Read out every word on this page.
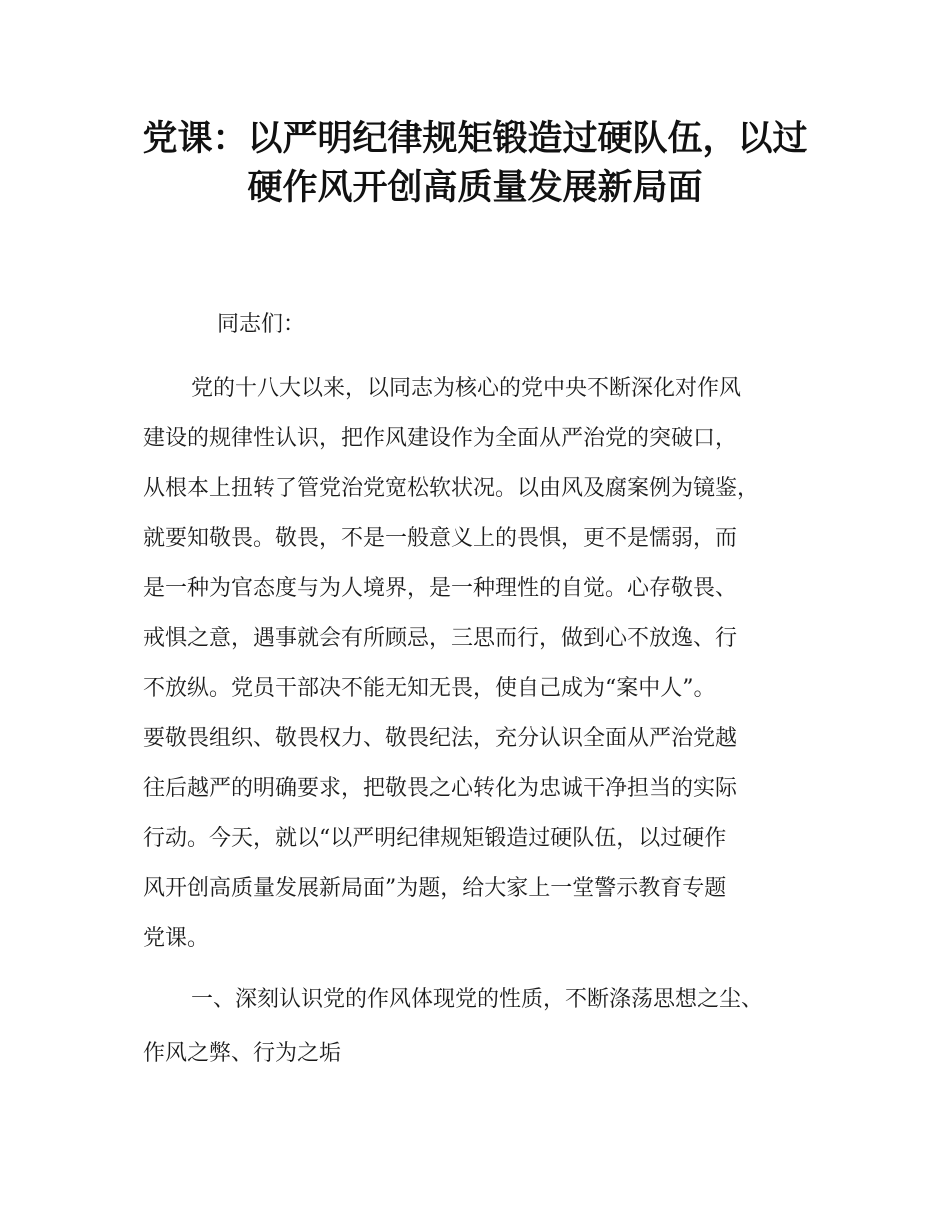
党课：以严明纪律规矩锻造过硬队伍，以过
硬作风开创高质量发展新局面
同志们：
党的十八大以来，以同志为核心的党中央不断深化对作风
建设的规律性认识，把作风建设作为全面从严治党的突破口，
从根本上扭转了管党治党宽松软状况。以由风及腐案例为镜鉴，
就要知敬畏。敬畏，不是一般意义上的畏惧，更不是懦弱，而
是一种为官态度与为人境界，是一种理性的自觉。心存敬畏、
戒惧之意，遇事就会有所顾忌，三思而行，做到心不放逸、行
不放纵。党员干部决不能无知无畏，使自己成为“案中人”。
要敬畏组织、敬畏权力、敬畏纪法，充分认识全面从严治党越
往后越严的明确要求，把敬畏之心转化为忠诚干净担当的实际
行动。今天，就以“以严明纪律规矩锻造过硬队伍，以过硬作
风开创高质量发展新局面”为题，给大家上一堂警示教育专题
党课。
一、深刻认识党的作风体现党的性质，不断涤荡思想之尘、
作风之弊、行为之垢
